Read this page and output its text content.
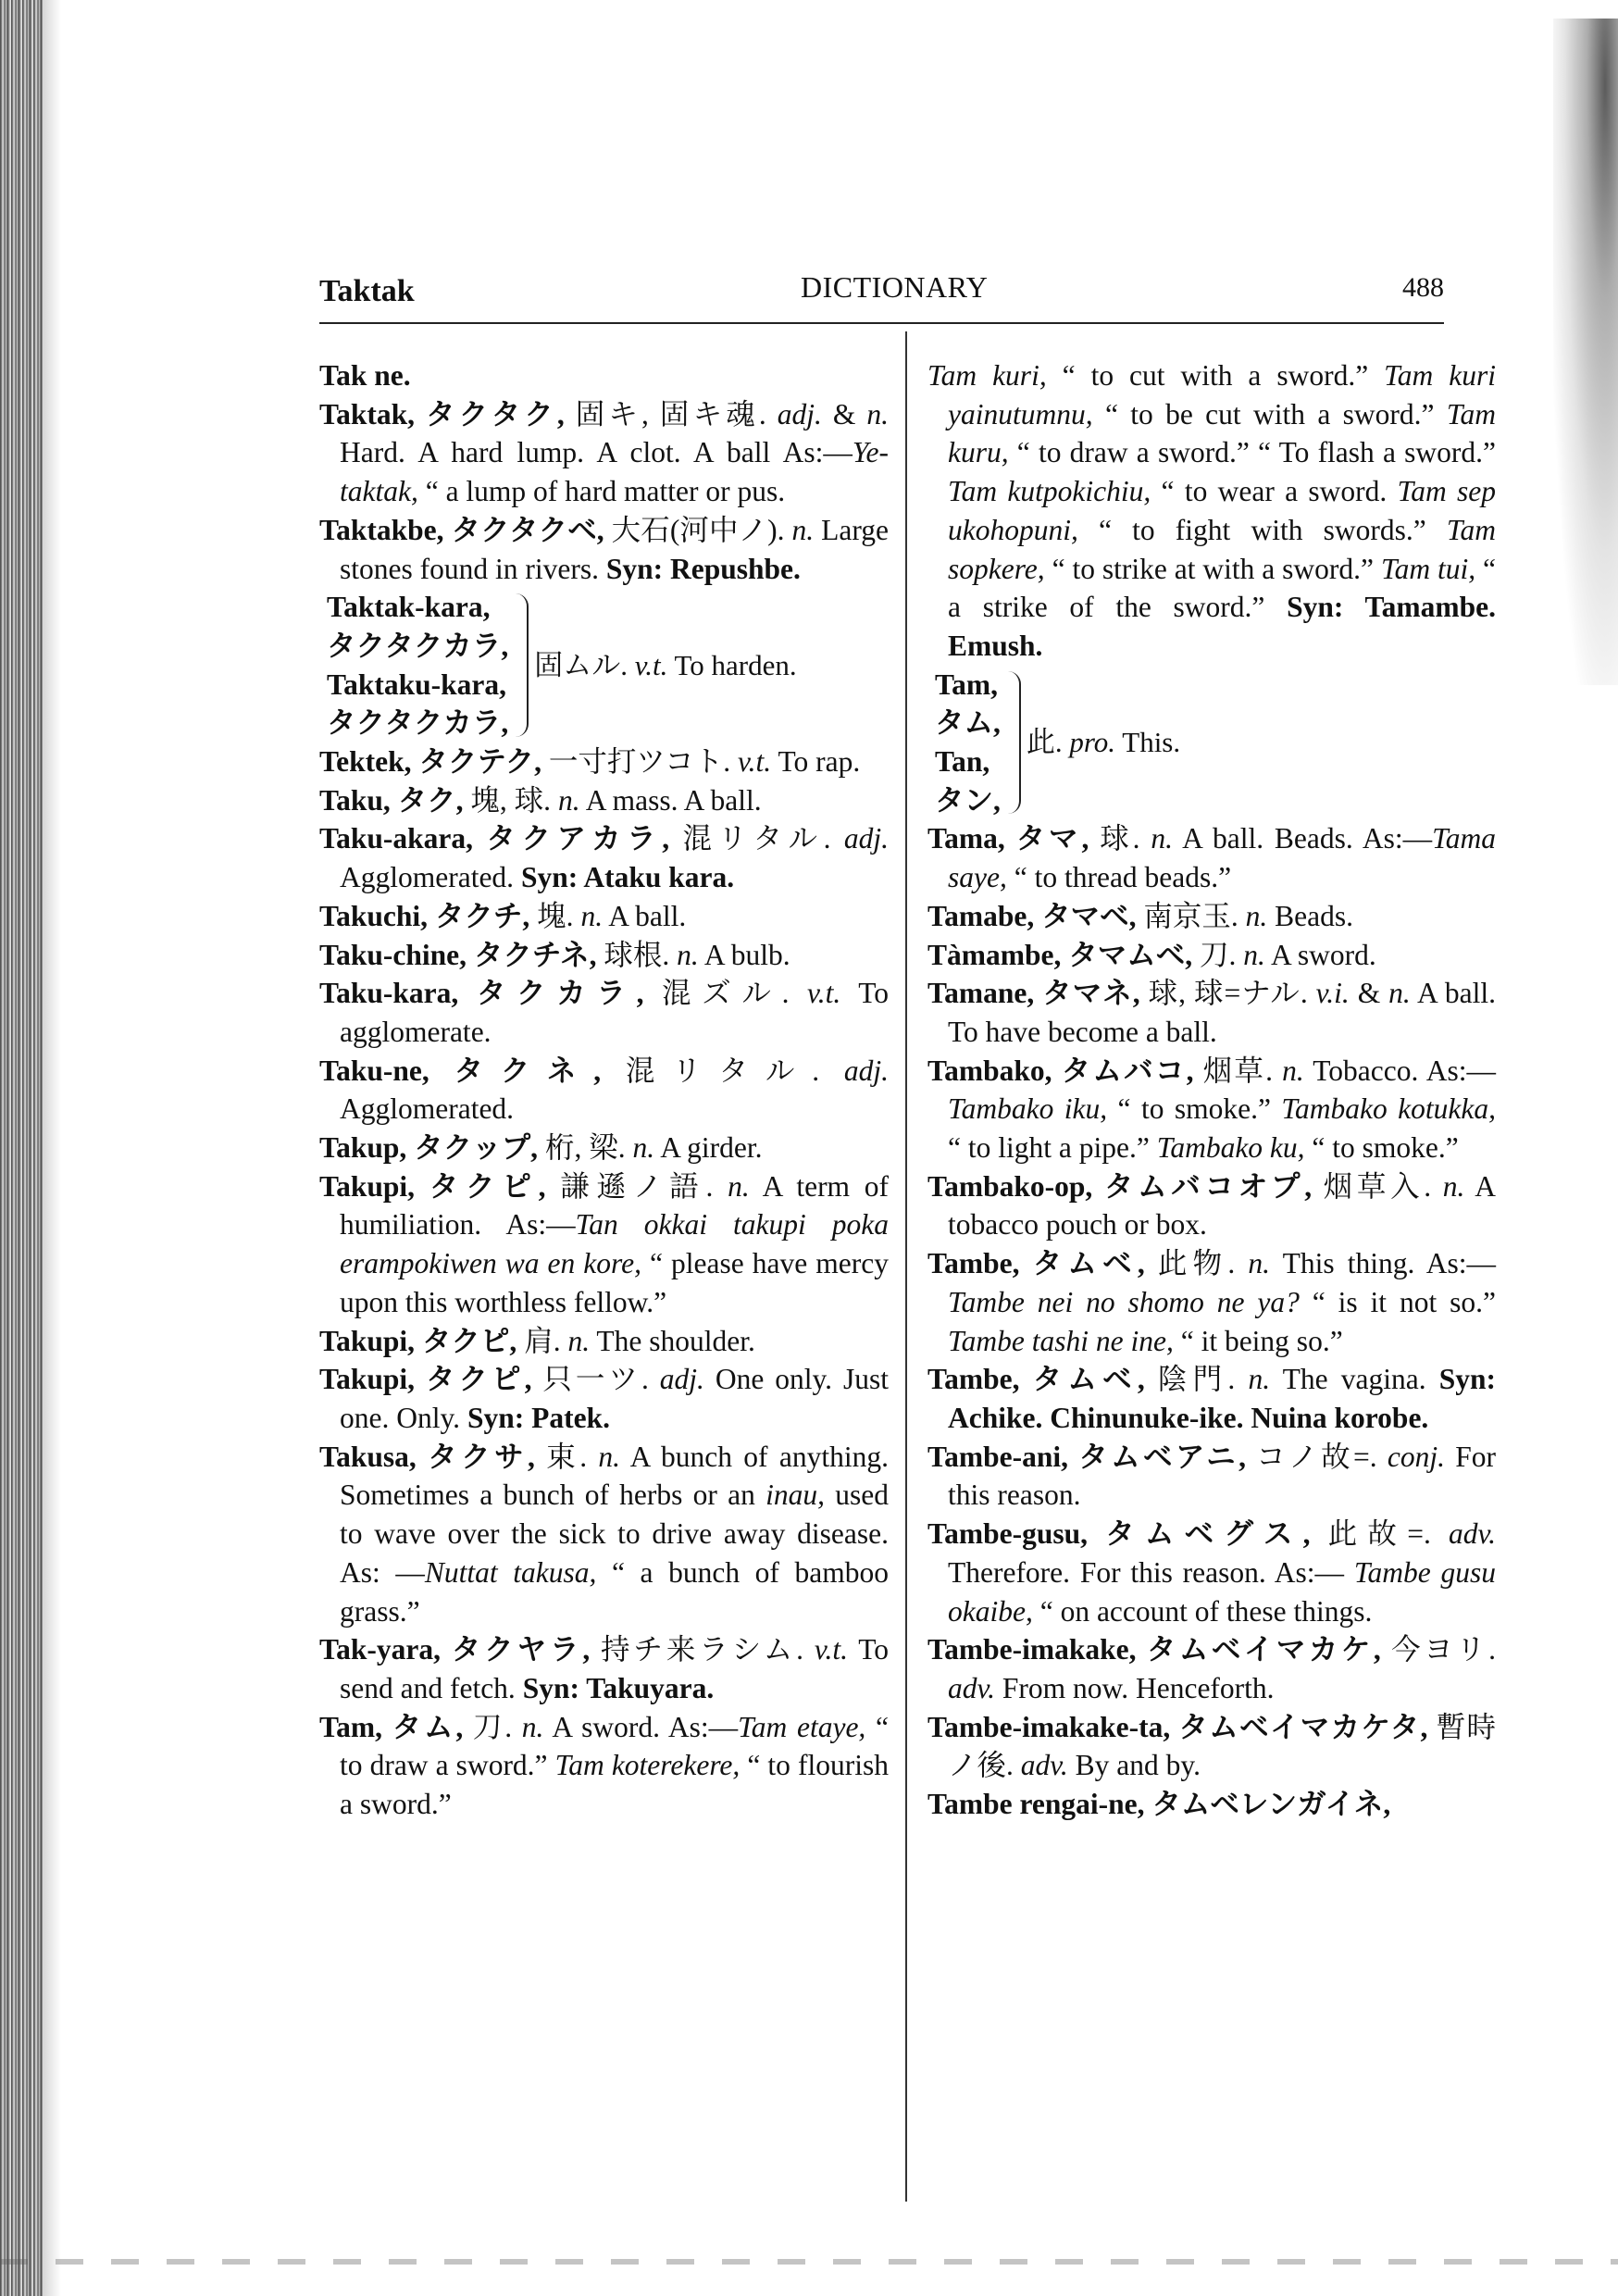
Taktak	DICTIONARY	488
Tak ne.
Taktak, タクタク, 固キ, 固キ魂. adj. & n. Hard. A hard lump. A clot. A ball As:—Ye-taktak, “ a lump of hard matter or pus.
Taktakbe, タクタクベ, 大石(河中ノ). n. Large stones found in rivers. Syn: Repushbe.
Taktak-kara,
タクタクカラ,
Taktaku-kara,
タクタクカラ,
固ムル. v.t. To harden.
Tektek, タクテク, 一寸打ツコト. v.t. To rap.
Taku, タク, 塊, 球. n. A mass. A ball.
Taku-akara, タクアカラ, 混リタル. adj. Agglomerated. Syn: Ataku kara.
Takuchi, タクチ, 塊. n. A ball.
Taku-chine, タクチネ, 球根. n. A bulb.
Taku-kara, タクカラ, 混ズル. v.t. To agglomerate.
Taku-ne, タクネ, 混リタル. adj. Agglomerated.
Takup, タクップ, 桁, 梁. n. A girder.
Takupi, タクピ, 謙遜ノ語. n. A term of humiliation. As:—Tan okkai takupi poka erampokiwen wa en kore, “ please have mercy upon this worthless fellow.”
Takupi, タクピ, 肩. n. The shoulder.
Takupi, タクピ, 只一ツ. adj. One only. Just one. Only. Syn: Patek.
Takusa, タクサ, 束. n. A bunch of anything. Sometimes a bunch of herbs or an inau, used to wave over the sick to drive away disease. As: —Nuttat takusa, “ a bunch of bamboo grass.”
Tak-yara, タクヤラ, 持チ来ラシム. v.t. To send and fetch. Syn: Takuyara.
Tam, タム, 刀. n. A sword. As:—Tam etaye, “ to draw a sword.” Tam koterekere, “ to flourish a sword.”
Tam kuri, “ to cut with a sword.” Tam kuri yainutumnu, “ to be cut with a sword.” Tam kuru, “ to draw a sword.” “ To flash a sword.” Tam kutpokichiu, “ to wear a sword. Tam sep ukohopuni, “ to fight with swords.” Tam sopkere, “ to strike at with a sword.” Tam tui, “ a strike of the sword.” Syn: Tamambe. Emush.
Tam,
タム,
Tan,
タン,
此. pro. This.
Tama, タマ, 球. n. A ball. Beads. As:—Tama saye, “ to thread beads.”
Tamabe, タマベ, 南京玉. n. Beads.
Tàmambe, タマムベ, 刀. n. A sword.
Tamane, タマネ, 球, 球=ナル. v.i. & n. A ball. To have become a ball.
Tambako, タムバコ, 烟草. n. Tobacco. As:— Tambako iku, “ to smoke.” Tambako kotukka, “ to light a pipe.” Tambako ku, “ to smoke.”
Tambako-op, タムバコオプ, 烟草入. n. A tobacco pouch or box.
Tambe, タムベ, 此物. n. This thing. As:—Tambe nei no shomo ne ya? “ is it not so.” Tambe tashi ne ine, “ it being so.”
Tambe, タムベ, 陰門. n. The vagina. Syn: Achike. Chinunuke-ike. Nuina korobe.
Tambe-ani, タムベアニ, コノ故=. conj. For this reason.
Tambe-gusu, タムベグス, 此故=. adv. Therefore. For this reason. As:— Tambe gusu okaibe, “ on account of these things.
Tambe-imakake, タムベイマカケ, 今ヨリ. adv. From now. Henceforth.
Tambe-imakake-ta, タムベイマカケタ, 暫時ノ後. adv. By and by.
Tambe rengai-ne, タムベレンガイネ,
